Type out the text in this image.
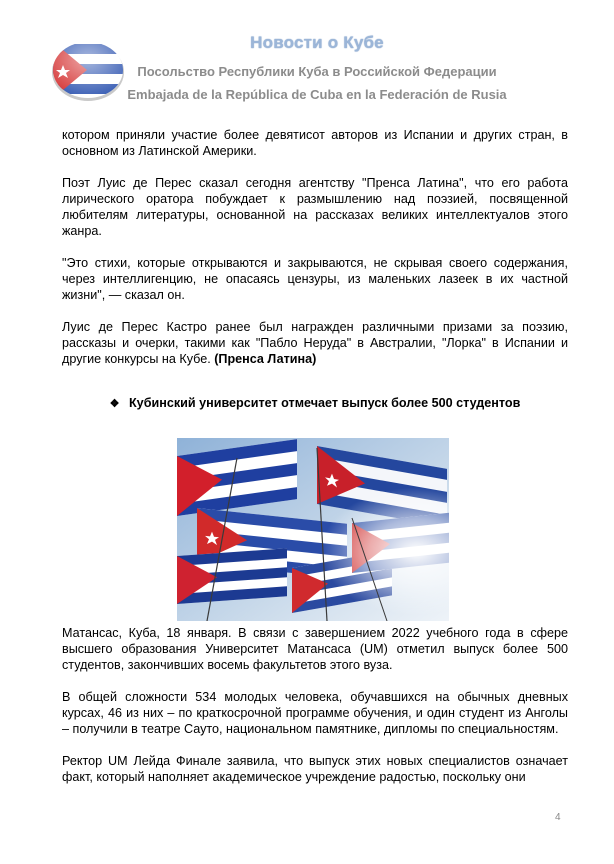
Новости о Кубе
Посольство Республики Куба в Российской Федерации
Embajada de la República de Cuba en la Federación de Rusia

котором приняли участие более девятисот авторов из Испании и других стран, в основном из Латинской Америки.

Поэт Луис де Перес сказал сегодня агентству "Пренса Латина", что его работа лирического оратора побуждает к размышлению над поэзией, посвященной любителям литературы, основанной на рассказах великих интеллектуалов этого жанра.

"Это стихи, которые открываются и закрываются, не скрывая своего содержания, через интеллигенцию, не опасаясь цензуры, из маленьких лазеек в их частной жизни", — сказал он.

Луис де Перес Кастро ранее был награжден различными призами за поэзию, рассказы и очерки, такими как "Пабло Неруда" в Австралии, "Лорка" в Испании и другие конкурсы на Кубе. (Пренса Латина)

❖ Кубинский университет отмечает выпуск более 500 студентов

Матансас, Куба, 18 января. В связи с завершением 2022 учебного года в сфере высшего образования Университет Матансаса (UM) отметил выпуск более 500 студентов, закончивших восемь факультетов этого вуза.

В общей сложности 534 молодых человека, обучавшихся на обычных дневных курсах, 46 из них – по краткосрочной программе обучения, и один студент из Анголы – получили в театре Сауто, национальном памятнике, дипломы по специальностям.

Ректор UM Лейда Финале заявила, что выпуск этих новых специалистов означает факт, который наполняет академическое учреждение радостью, поскольку они

4
